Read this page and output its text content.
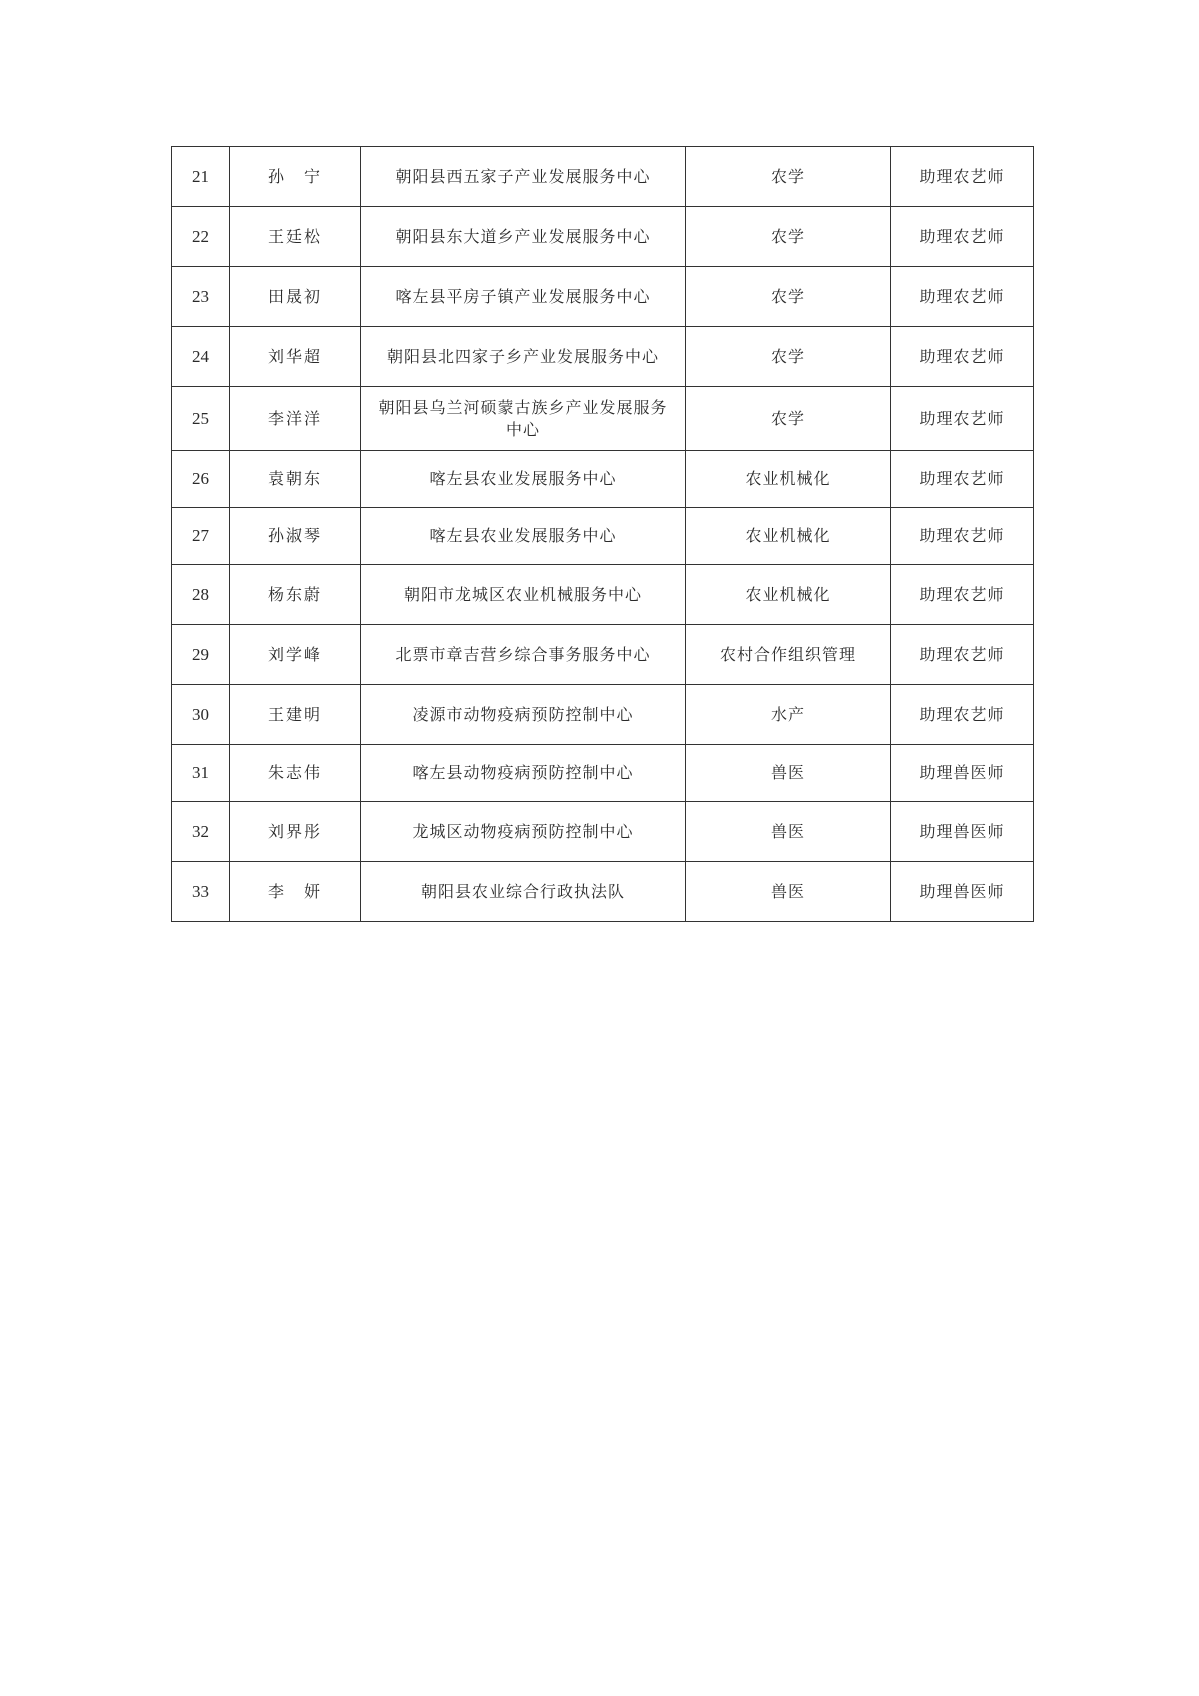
21	孙　宁	朝阳县西五家子产业发展服务中心	农学	助理农艺师
22	王廷松	朝阳县东大道乡产业发展服务中心	农学	助理农艺师
23	田晟初	喀左县平房子镇产业发展服务中心	农学	助理农艺师
24	刘华超	朝阳县北四家子乡产业发展服务中心	农学	助理农艺师
25	李洋洋	朝阳县乌兰河硕蒙古族乡产业发展服务中心	农学	助理农艺师
26	袁朝东	喀左县农业发展服务中心	农业机械化	助理农艺师
27	孙淑琴	喀左县农业发展服务中心	农业机械化	助理农艺师
28	杨东蔚	朝阳市龙城区农业机械服务中心	农业机械化	助理农艺师
29	刘学峰	北票市章吉营乡综合事务服务中心	农村合作组织管理	助理农艺师
30	王建明	凌源市动物疫病预防控制中心	水产	助理农艺师
31	朱志伟	喀左县动物疫病预防控制中心	兽医	助理兽医师
32	刘界彤	龙城区动物疫病预防控制中心	兽医	助理兽医师
33	李　妍	朝阳县农业综合行政执法队	兽医	助理兽医师
